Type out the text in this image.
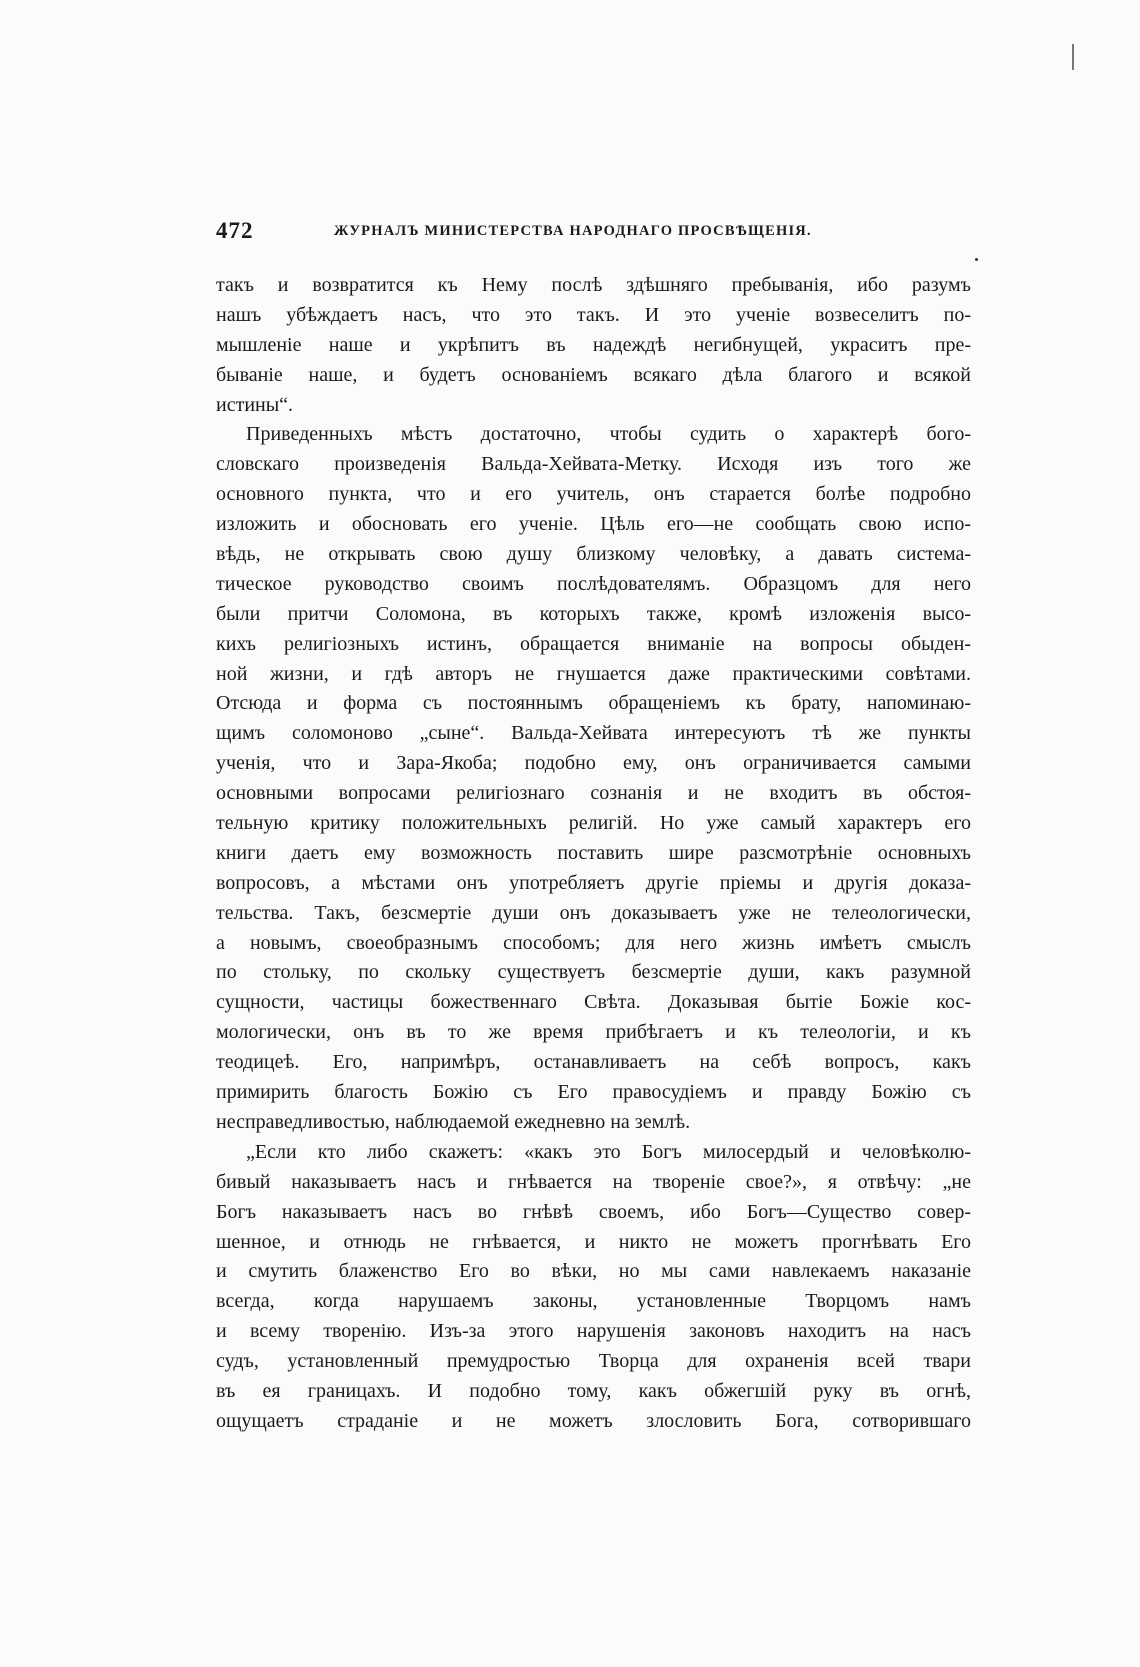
472	ЖУРНАЛЪ МИНИСТЕРСТВА НАРОДНАГО ПРОСВѢЩЕНІЯ.
такъ и возвратится къ Нему послѣ здѣшняго пребыванія, ибо разумъ
нашъ убѣждаетъ насъ, что это такъ. И это ученіе возвеселитъ по-
мышленіе наше и укрѣпитъ въ надеждѣ негибнущей, украситъ пре-
бываніе наше, и будетъ основаніемъ всякаго дѣла благого и всякой
истины“.
Приведенныхъ мѣстъ достаточно, чтобы судить о характерѣ бого-
словскаго произведенія Вальда-Хейвата-Метку. Исходя изъ того же
основного пункта, что и его учитель, онъ старается болѣе подробно
изложить и обосновать его ученіе. Цѣль его—не сообщать свою испо-
вѣдь, не открывать свою душу близкому человѣку, а давать система-
тическое руководство своимъ послѣдователямъ. Образцомъ для него
были притчи Соломона, въ которыхъ также, кромѣ изложенія высо-
кихъ религіозныхъ истинъ, обращается вниманіе на вопросы обыден-
ной жизни, и гдѣ авторъ не гнушается даже практическими совѣтами.
Отсюда и форма съ постояннымъ обращеніемъ къ брату, напоминаю-
щимъ соломоново „сыне“. Вальда-Хейвата интересуютъ тѣ же пункты
ученія, что и Зара-Якоба; подобно ему, онъ ограничивается самыми
основными вопросами религіознаго сознанія и не входитъ въ обстоя-
тельную критику положительныхъ религій. Но уже самый характеръ его
книги даетъ ему возможность поставить шире разсмотрѣніе основныхъ
вопросовъ, а мѣстами онъ употребляетъ другіе пріемы и другія доказа-
тельства. Такъ, безсмертіе души онъ доказываетъ уже не телеологически,
а новымъ, своеобразнымъ способомъ; для него жизнь имѣетъ смыслъ
по стольку, по скольку существуетъ безсмертіе души, какъ разумной
сущности, частицы божественнаго Свѣта. Доказывая бытіе Божіе кос-
мологически, онъ въ то же время прибѣгаетъ и къ телеологіи, и къ
теодицеѣ. Его, напримѣръ, останавливаетъ на себѣ вопросъ, какъ
примирить благость Божію съ Его правосудіемъ и правду Божію съ
несправедливостью, наблюдаемой ежедневно на землѣ.
„Если кто либо скажетъ: «какъ это Богъ милосердый и человѣколю-
бивый наказываетъ насъ и гнѣвается на твореніе свое?», я отвѣчу: „не
Богъ наказываетъ насъ во гнѣвѣ своемъ, ибо Богъ—Существо совер-
шенное, и отнюдь не гнѣвается, и никто не можетъ прогнѣвать Его
и смутить блаженство Его во вѣки, но мы сами навлекаемъ наказаніе
всегда, когда нарушаемъ законы, установленные Творцомъ намъ
и всему творенію. Изъ-за этого нарушенія законовъ находитъ на насъ
судъ, установленный премудростью Творца для охраненія всей твари
въ ея границахъ. И подобно тому, какъ обжегшій руку въ огнѣ,
ощущаетъ страданіе и не можетъ злословить Бога, сотворившаго
